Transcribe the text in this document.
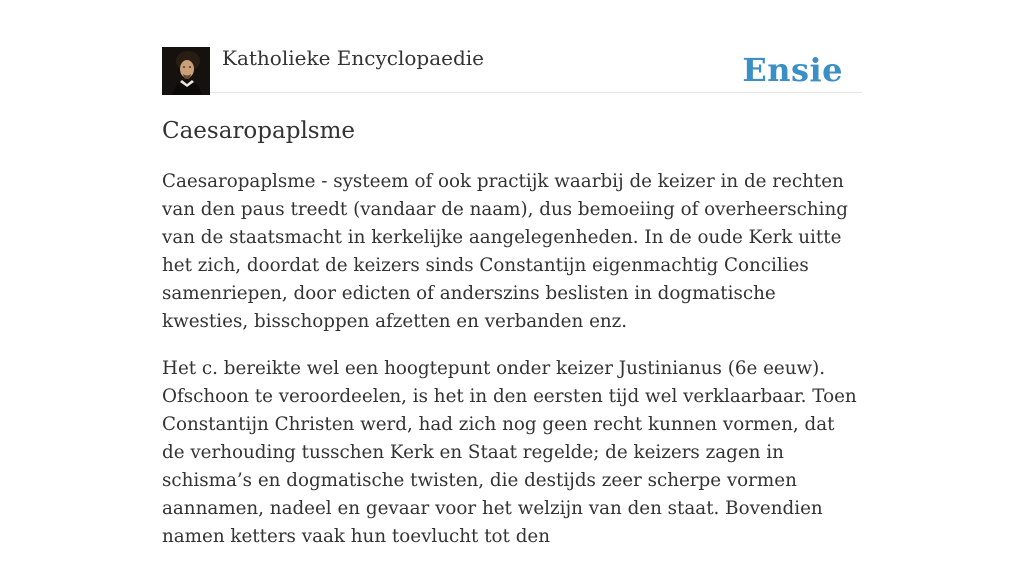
Katholieke Encyclopaedie	Ensie
Caesaropaplsme

Caesaropaplsme - systeem of ook practijk waarbij de keizer in de rechten van den paus treedt (vandaar de naam), dus bemoeiing of overheersching van de staatsmacht in kerkelijke aangelegenheden. In de oude Kerk uitte het zich, doordat de keizers sinds Constantijn eigenmachtig Concilies samenriepen, door edicten of anderszins beslisten in dogmatische kwesties, bisschoppen afzetten en verbanden enz.

Het c. bereikte wel een hoogtepunt onder keizer Justinianus (6e eeuw). Ofschoon te veroordeelen, is het in den eersten tijd wel verklaarbaar. Toen Constantijn Christen werd, had zich nog geen recht kunnen vormen, dat de verhouding tusschen Kerk en Staat regelde; de keizers zagen in schisma’s en dogmatische twisten, die destijds zeer scherpe vormen aannamen, nadeel en gevaar voor het welzijn van den staat. Bovendien namen ketters vaak hun toevlucht tot den
